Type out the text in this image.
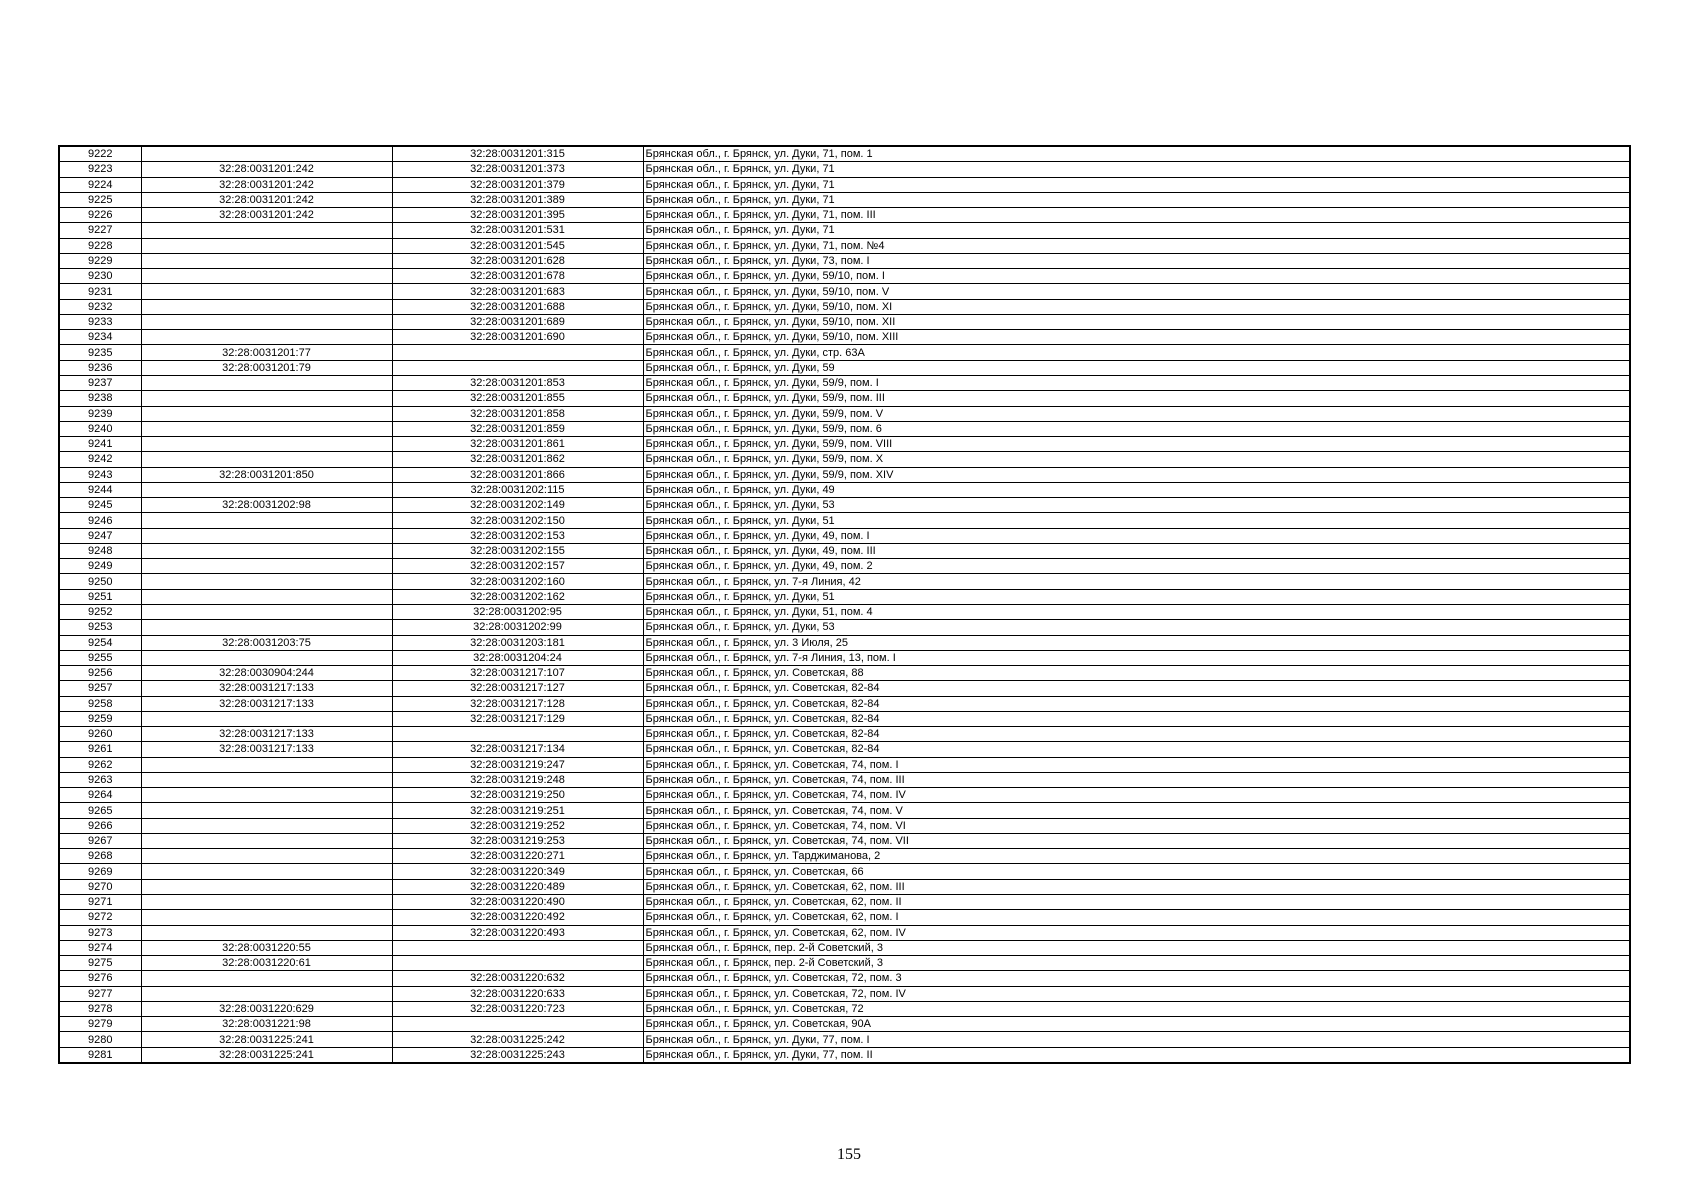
9222		32:28:0031201:315	Брянская обл., г. Брянск, ул. Дуки, 71, пом. 1
9223	32:28:0031201:242	32:28:0031201:373	Брянская обл., г. Брянск, ул. Дуки, 71
9224	32:28:0031201:242	32:28:0031201:379	Брянская обл., г. Брянск, ул. Дуки, 71
9225	32:28:0031201:242	32:28:0031201:389	Брянская обл., г. Брянск, ул. Дуки, 71
9226	32:28:0031201:242	32:28:0031201:395	Брянская обл., г. Брянск, ул. Дуки, 71, пом. III
9227		32:28:0031201:531	Брянская обл., г. Брянск, ул. Дуки, 71
9228		32:28:0031201:545	Брянская обл., г. Брянск, ул. Дуки, 71, пом. №4
9229		32:28:0031201:628	Брянская обл., г. Брянск, ул. Дуки, 73, пом. I
9230		32:28:0031201:678	Брянская обл., г. Брянск, ул. Дуки, 59/10, пом. I
9231		32:28:0031201:683	Брянская обл., г. Брянск, ул. Дуки, 59/10, пом. V
9232		32:28:0031201:688	Брянская обл., г. Брянск, ул. Дуки, 59/10, пом. XI
9233		32:28:0031201:689	Брянская обл., г. Брянск, ул. Дуки, 59/10, пом. XII
9234		32:28:0031201:690	Брянская обл., г. Брянск, ул. Дуки, 59/10, пом. XIII
9235	32:28:0031201:77		Брянская обл., г. Брянск, ул. Дуки, стр. 63А
9236	32:28:0031201:79		Брянская обл., г. Брянск, ул. Дуки, 59
9237		32:28:0031201:853	Брянская обл., г. Брянск, ул. Дуки, 59/9, пом. I
9238		32:28:0031201:855	Брянская обл., г. Брянск, ул. Дуки, 59/9, пом. III
9239		32:28:0031201:858	Брянская обл., г. Брянск, ул. Дуки, 59/9, пом. V
9240		32:28:0031201:859	Брянская обл., г. Брянск, ул. Дуки, 59/9, пом. 6
9241		32:28:0031201:861	Брянская обл., г. Брянск, ул. Дуки, 59/9, пом. VIII
9242		32:28:0031201:862	Брянская обл., г. Брянск, ул. Дуки, 59/9, пом. X
9243	32:28:0031201:850	32:28:0031201:866	Брянская обл., г. Брянск, ул. Дуки, 59/9, пом. XIV
9244		32:28:0031202:115	Брянская обл., г. Брянск, ул. Дуки, 49
9245	32:28:0031202:98	32:28:0031202:149	Брянская обл., г. Брянск, ул. Дуки, 53
9246		32:28:0031202:150	Брянская обл., г. Брянск, ул. Дуки, 51
9247		32:28:0031202:153	Брянская обл., г. Брянск, ул. Дуки, 49, пом. I
9248		32:28:0031202:155	Брянская обл., г. Брянск, ул. Дуки, 49, пом. III
9249		32:28:0031202:157	Брянская обл., г. Брянск, ул. Дуки, 49, пом. 2
9250		32:28:0031202:160	Брянская обл., г. Брянск, ул. 7-я Линия, 42
9251		32:28:0031202:162	Брянская обл., г. Брянск, ул. Дуки, 51
9252		32:28:0031202:95	Брянская обл., г. Брянск, ул. Дуки, 51, пом. 4
9253		32:28:0031202:99	Брянская обл., г. Брянск, ул. Дуки, 53
9254	32:28:0031203:75	32:28:0031203:181	Брянская обл., г. Брянск, ул. 3 Июля, 25
9255		32:28:0031204:24	Брянская обл., г. Брянск, ул. 7-я Линия, 13, пом. I
9256	32:28:0030904:244	32:28:0031217:107	Брянская обл., г. Брянск, ул. Советская, 88
9257	32:28:0031217:133	32:28:0031217:127	Брянская обл., г. Брянск, ул. Советская, 82-84
9258	32:28:0031217:133	32:28:0031217:128	Брянская обл., г. Брянск, ул. Советская, 82-84
9259		32:28:0031217:129	Брянская обл., г. Брянск, ул. Советская, 82-84
9260	32:28:0031217:133		Брянская обл., г. Брянск, ул. Советская, 82-84
9261	32:28:0031217:133	32:28:0031217:134	Брянская обл., г. Брянск, ул. Советская, 82-84
9262		32:28:0031219:247	Брянская обл., г. Брянск, ул. Советская, 74, пом. I
9263		32:28:0031219:248	Брянская обл., г. Брянск, ул. Советская, 74, пом. III
9264		32:28:0031219:250	Брянская обл., г. Брянск, ул. Советская, 74, пом. IV
9265		32:28:0031219:251	Брянская обл., г. Брянск, ул. Советская, 74, пом. V
9266		32:28:0031219:252	Брянская обл., г. Брянск, ул. Советская, 74, пом. VI
9267		32:28:0031219:253	Брянская обл., г. Брянск, ул. Советская, 74, пом. VII
9268		32:28:0031220:271	Брянская обл., г. Брянск, ул. Тарджиманова, 2
9269		32:28:0031220:349	Брянская обл., г. Брянск, ул. Советская, 66
9270		32:28:0031220:489	Брянская обл., г. Брянск, ул. Советская, 62, пом. III
9271		32:28:0031220:490	Брянская обл., г. Брянск, ул. Советская, 62, пом. II
9272		32:28:0031220:492	Брянская обл., г. Брянск, ул. Советская, 62, пом. I
9273		32:28:0031220:493	Брянская обл., г. Брянск, ул. Советская, 62, пом. IV
9274	32:28:0031220:55		Брянская обл., г. Брянск, пер. 2-й Советский, 3
9275	32:28:0031220:61		Брянская обл., г. Брянск, пер. 2-й Советский, 3
9276		32:28:0031220:632	Брянская обл., г. Брянск, ул. Советская, 72, пом. 3
9277		32:28:0031220:633	Брянская обл., г. Брянск, ул. Советская, 72, пом. IV
9278	32:28:0031220:629	32:28:0031220:723	Брянская обл., г. Брянск, ул. Советская, 72
9279	32:28:0031221:98		Брянская обл., г. Брянск, ул. Советская, 90А
9280	32:28:0031225:241	32:28:0031225:242	Брянская обл., г. Брянск, ул. Дуки, 77, пом. I
9281	32:28:0031225:241	32:28:0031225:243	Брянская обл., г. Брянск, ул. Дуки, 77, пом. II
155
